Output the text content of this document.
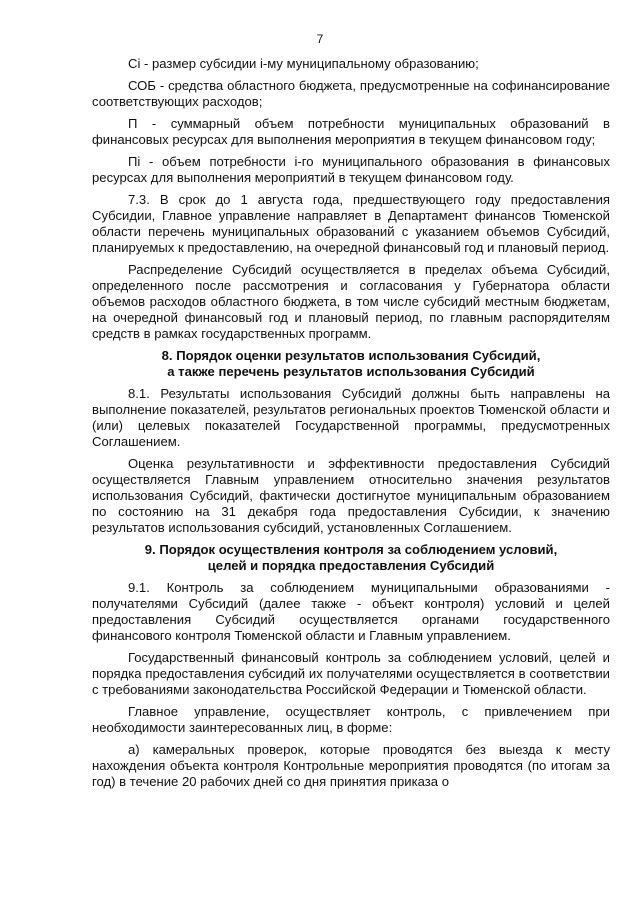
7

Ci - размер субсидии i-му муниципальному образованию;

СОБ - средства областного бюджета, предусмотренные на софинансирование соответствующих расходов;

П - суммарный объем потребности муниципальных образований в финансовых ресурсах для выполнения мероприятия в текущем финансовом году;

Пi - объем потребности i-го муниципального образования в финансовых ресурсах для выполнения мероприятий в текущем финансовом году.

7.3. В срок до 1 августа года, предшествующего году предоставления Субсидии, Главное управление направляет в Департамент финансов Тюменской области перечень муниципальных образований с указанием объемов Субсидий, планируемых к предоставлению, на очередной финансовый год и плановый период.

Распределение Субсидий осуществляется в пределах объема Субсидий, определенного после рассмотрения и согласования у Губернатора области объемов расходов областного бюджета, в том числе субсидий местным бюджетам, на очередной финансовый год и плановый период, по главным распорядителям средств в рамках государственных программ.

8. Порядок оценки результатов использования Субсидий,
а также перечень результатов использования Субсидий

8.1. Результаты использования Субсидий должны быть направлены на выполнение показателей, результатов региональных проектов Тюменской области и (или) целевых показателей Государственной программы, предусмотренных Соглашением.

Оценка результативности и эффективности предоставления Субсидий осуществляется Главным управлением относительно значения результатов использования Субсидий, фактически достигнутое муниципальным образованием по состоянию на 31 декабря года предоставления Субсидии, к значению результатов использования субсидий, установленных Соглашением.

9. Порядок осуществления контроля за соблюдением условий,
целей и порядка предоставления Субсидий

9.1. Контроль за соблюдением муниципальными образованиями - получателями Субсидий (далее также - объект контроля) условий и целей предоставления Субсидий осуществляется органами государственного финансового контроля Тюменской области и Главным управлением.

Государственный финансовый контроль за соблюдением условий, целей и порядка предоставления субсидий их получателями осуществляется в соответствии с требованиями законодательства Российской Федерации и Тюменской области.

Главное управление, осуществляет контроль, с привлечением при необходимости заинтересованных лиц, в форме:

а) камеральных проверок, которые проводятся без выезда к месту нахождения объекта контроля Контрольные мероприятия проводятся (по итогам за год) в течение 20 рабочих дней со дня принятия приказа о
